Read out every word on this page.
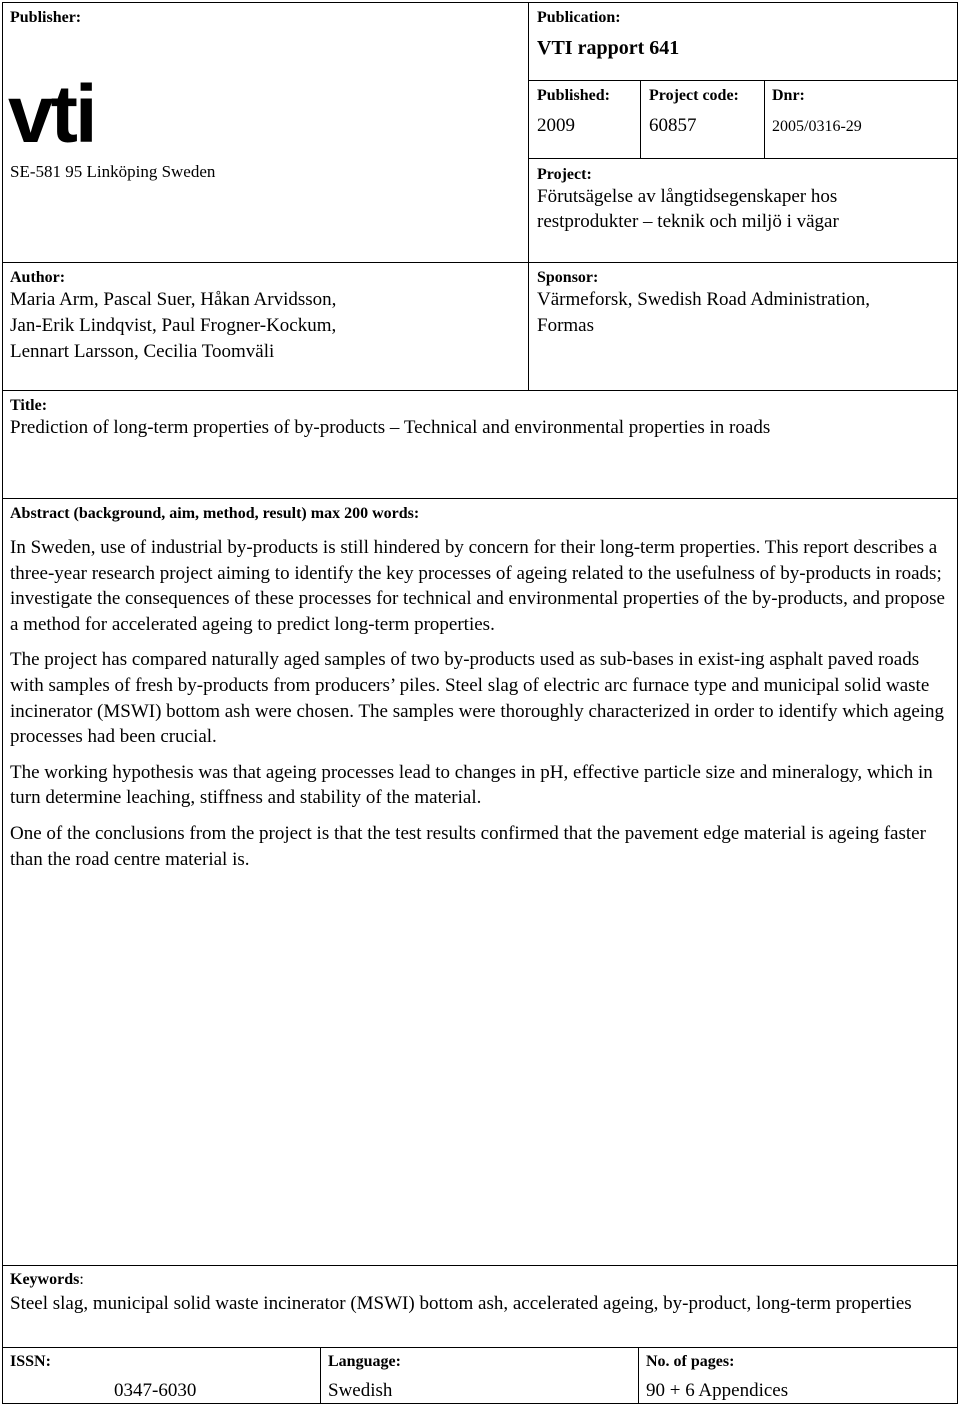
Publisher:
vti
SE-581 95 Linköping Sweden
Publication:
VTI rapport 641
Published:
2009
Project code:
60857
Dnr:
2005/0316-29
Project:
Förutsägelse av långtidsegenskaper hos
restprodukter – teknik och miljö i vägar
Author:
Maria Arm, Pascal Suer, Håkan Arvidsson,
Jan-Erik Lindqvist, Paul Frogner-Kockum,
Lennart Larsson, Cecilia Toomväli
Sponsor:
Värmeforsk, Swedish Road Administration,
Formas
Title:
Prediction of long-term properties of by-products – Technical and environmental properties in roads
Abstract (background, aim, method, result) max 200 words:

In Sweden, use of industrial by-products is still hindered by concern for their long-term properties. This report describes a three-year research project aiming to identify the key processes of ageing related to the usefulness of by-products in roads; investigate the consequences of these processes for technical and environmental properties of the by-products, and propose a method for accelerated ageing to predict long-term properties.

The project has compared naturally aged samples of two by-products used as sub-bases in exist-ing asphalt paved roads with samples of fresh by-products from producers’ piles. Steel slag of electric arc furnace type and municipal solid waste incinerator (MSWI) bottom ash were chosen. The samples were thoroughly characterized in order to identify which ageing processes had been crucial.

The working hypothesis was that ageing processes lead to changes in pH, effective particle size and mineralogy, which in turn determine leaching, stiffness and stability of the material.

One of the conclusions from the project is that the test results confirmed that the pavement edge material is ageing faster than the road centre material is.

Keywords:
Steel slag, municipal solid waste incinerator (MSWI) bottom ash, accelerated ageing, by-product, long-term properties
ISSN:
0347-6030
Language:
Swedish
No. of pages:
90 + 6 Appendices
